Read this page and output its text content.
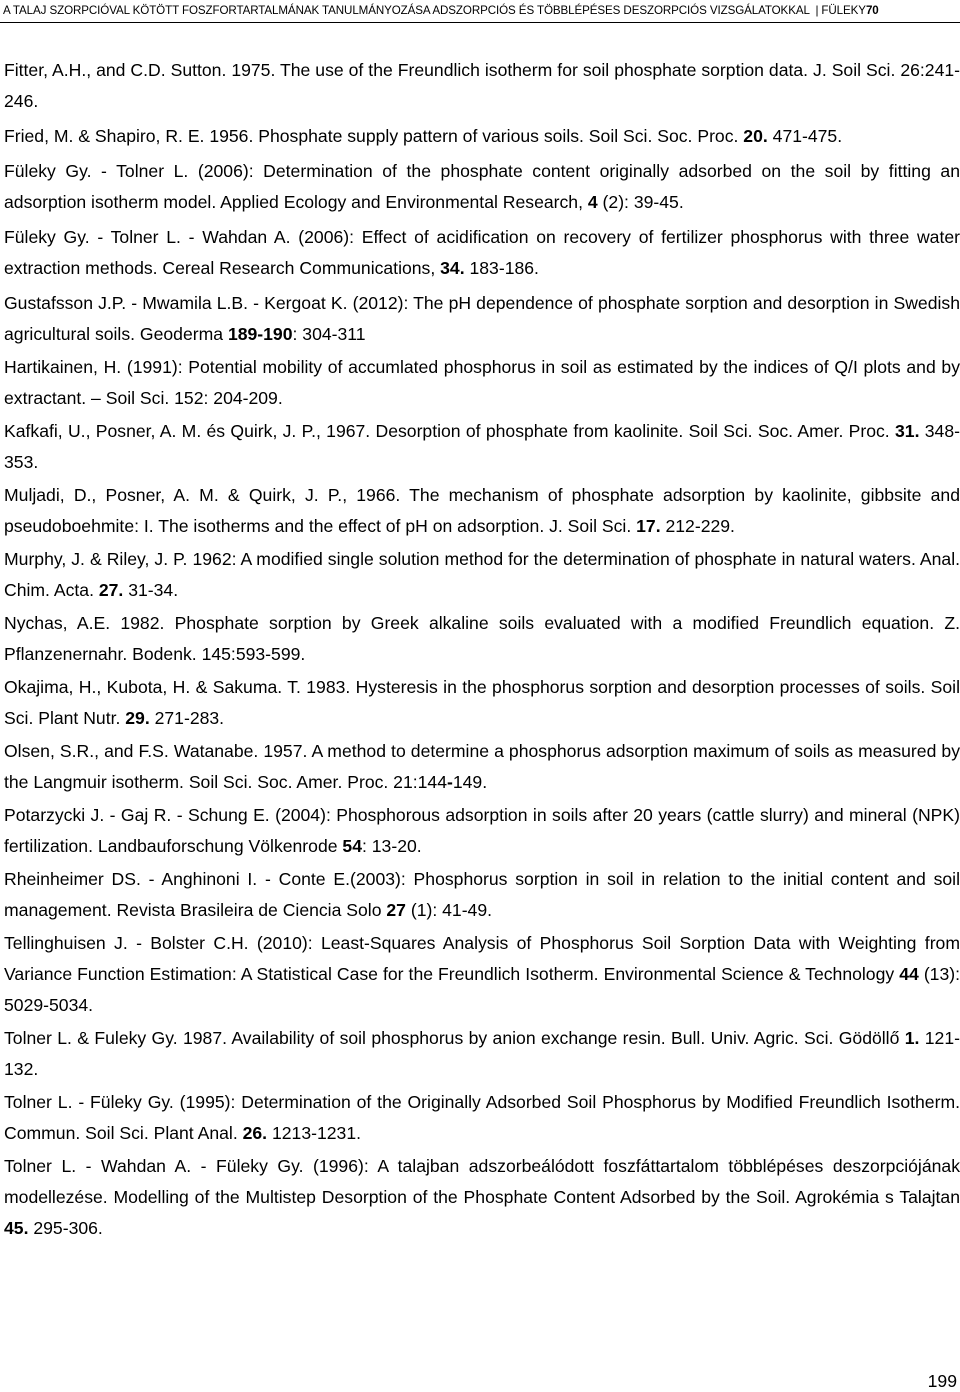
A TALAJ SZORPCIÓVAL KÖTÖTT FOSZFORTARTALMÁNAK TANULMÁNYOZÁSA ADSZORPCIÓS ÉS TÖBBLÉPÉSES DESZORPCIÓS VIZSGÁLATOKKAL | FÜLEKY70

Fitter, A.H., and C.D. Sutton. 1975. The use of the Freundlich isotherm for soil phosphate sorption data. J. Soil Sci. 26:241-246.

Fried, M. & Shapiro, R. E. 1956. Phosphate supply pattern of various soils. Soil Sci. Soc. Proc. 20. 471-475.

Füleky Gy. - Tolner L. (2006): Determination of the phosphate content originally adsorbed on the soil by fitting an adsorption isotherm model. Applied Ecology and Environmental Research, 4 (2): 39-45.

Füleky Gy. - Tolner L. - Wahdan A. (2006): Effect of acidification on recovery of fertilizer phosphorus with three water extraction methods. Cereal Research Communications, 34. 183-186.

Gustafsson J.P. - Mwamila L.B. - Kergoat K. (2012): The pH dependence of phosphate sorption and desorption in Swedish agricultural soils. Geoderma 189-190: 304-311

Hartikainen, H. (1991): Potential mobility of accumlated phosphorus in soil as estimated by the indices of Q/I plots and by extractant. – Soil Sci. 152: 204-209.

Kafkafi, U., Posner, A. M. és Quirk, J. P., 1967. Desorption of phosphate from kaolinite. Soil Sci. Soc. Amer. Proc. 31. 348-353.

Muljadi, D., Posner, A. M. & Quirk, J. P., 1966. The mechanism of phosphate adsorption by kaolinite, gibbsite and pseudoboehmite: I. The isotherms and the effect of pH on adsorption. J. Soil Sci. 17. 212-229.

Murphy, J. & Riley, J. P. 1962: A modified single solution method for the determination of phosphate in natural waters. Anal. Chim. Acta. 27. 31-34.

Nychas, A.E. 1982. Phosphate sorption by Greek alkaline soils evaluated with a modified Freundlich equation. Z. Pflanzenernahr. Bodenk. 145:593-599.

Okajima, H., Kubota, H. & Sakuma. T. 1983. Hysteresis in the phosphorus sorption and desorption processes of soils. Soil Sci. Plant Nutr. 29. 271-283.

Olsen, S.R., and F.S. Watanabe. 1957. A method to determine a phosphorus adsorption maximum of soils as measured by the Langmuir isotherm. Soil Sci. Soc. Amer. Proc. 21:144-149.

Potarzycki J. - Gaj R. - Schung E. (2004): Phosphorous adsorption in soils after 20 years (cattle slurry) and mineral (NPK) fertilization. Landbauforschung Völkenrode 54: 13-20.

Rheinheimer DS. - Anghinoni I. - Conte E.(2003): Phosphorus sorption in soil in relation to the initial content and soil management. Revista Brasileira de Ciencia Solo 27 (1): 41-49.

Tellinghuisen J. - Bolster C.H. (2010): Least-Squares Analysis of Phosphorus Soil Sorption Data with Weighting from Variance Function Estimation: A Statistical Case for the Freundlich Isotherm. Environmental Science & Technology 44 (13): 5029-5034.

Tolner L. & Fuleky Gy. 1987. Availability of soil phosphorus by anion exchange resin. Bull. Univ. Agric. Sci. Gödöllő 1. 121-132.

Tolner L. - Füleky Gy. (1995): Determination of the Originally Adsorbed Soil Phosphorus by Modified Freundlich Isotherm. Commun. Soil Sci. Plant Anal. 26. 1213-1231.

Tolner L. - Wahdan A. - Füleky Gy. (1996): A talajban adszorbeálódott foszfáttartalom többlépéses deszorpciójának modellezése. Modelling of the Multistep Desorption of the Phosphate Content Adsorbed by the Soil. Agrokémia s Talajtan 45. 295-306.

199
